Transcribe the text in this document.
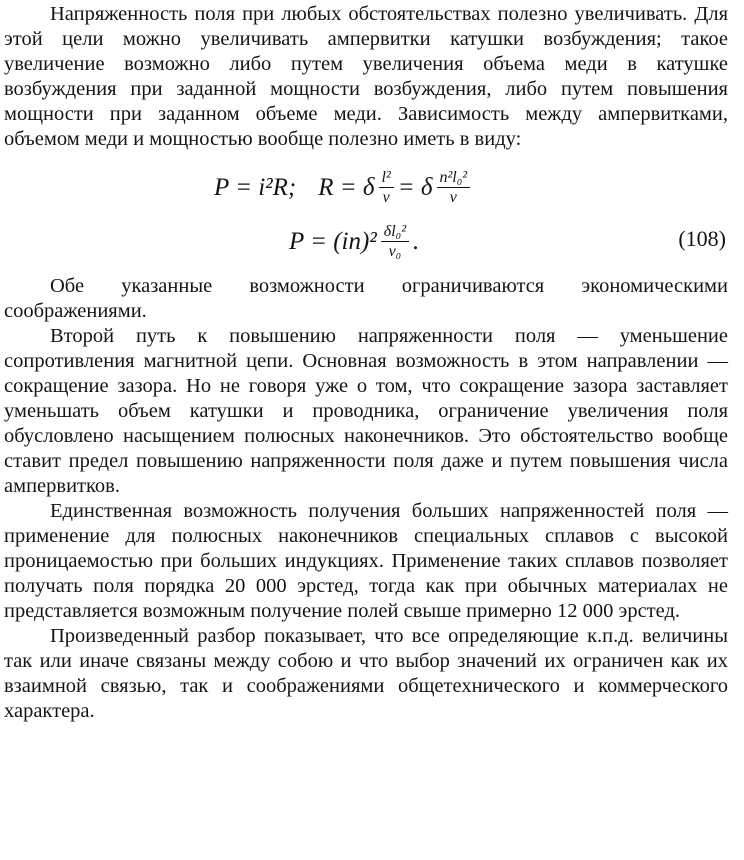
Напряженность поля при любых обстоятельствах полезно увеличивать. Для этой цели можно увеличивать ампервитки катушки возбуждения; такое увеличение возможно либо путем увеличения объема меди в катушке возбуждения при заданной мощности возбуждения, либо путем повышения мощности при заданном объеме меди. Зависимость между ампервитками, объемом меди и мощностью вообще полезно иметь в виду:

P = i²R; R = δ $\frac{\text{l²}}{v} = \delta \frac{\text{n²l₀²}}{v}$
$P = (in)^2 \frac{\text{δl₀²}}{\text{v₀}}$ .	(108)

Обе указанные возможности ограничиваются экономическими соображениями.

Второй путь к повышению напряженности поля — уменьшение сопротивления магнитной цепи. Основная возможность в этом направлении — сокращение зазора. Но не говоря уже о том, что сокращение зазора заставляет уменьшать объем катушки и проводника, ограничение увеличения поля обусловлено насыщением полюсных наконечников. Это обстоятельство вообще ставит предел повышению напряженности поля даже и путем повышения числа ампервитков.

Единственная возможность получения больших напряженностей поля — применение для полюсных наконечников специальных сплавов с высокой проницаемостью при больших индукциях. Применение таких сплавов позволяет получать поля порядка 20 000 эрстед, тогда как при обычных материалах не представляется возможным получение полей свыше примерно 12 000 эрстед.

Произведенный разбор показывает, что все определяющие к.п.д. величины так или иначе связаны между собою и что выбор значений их ограничен как их взаимной связью, так и соображениями общетехнического и коммерческого характера.
